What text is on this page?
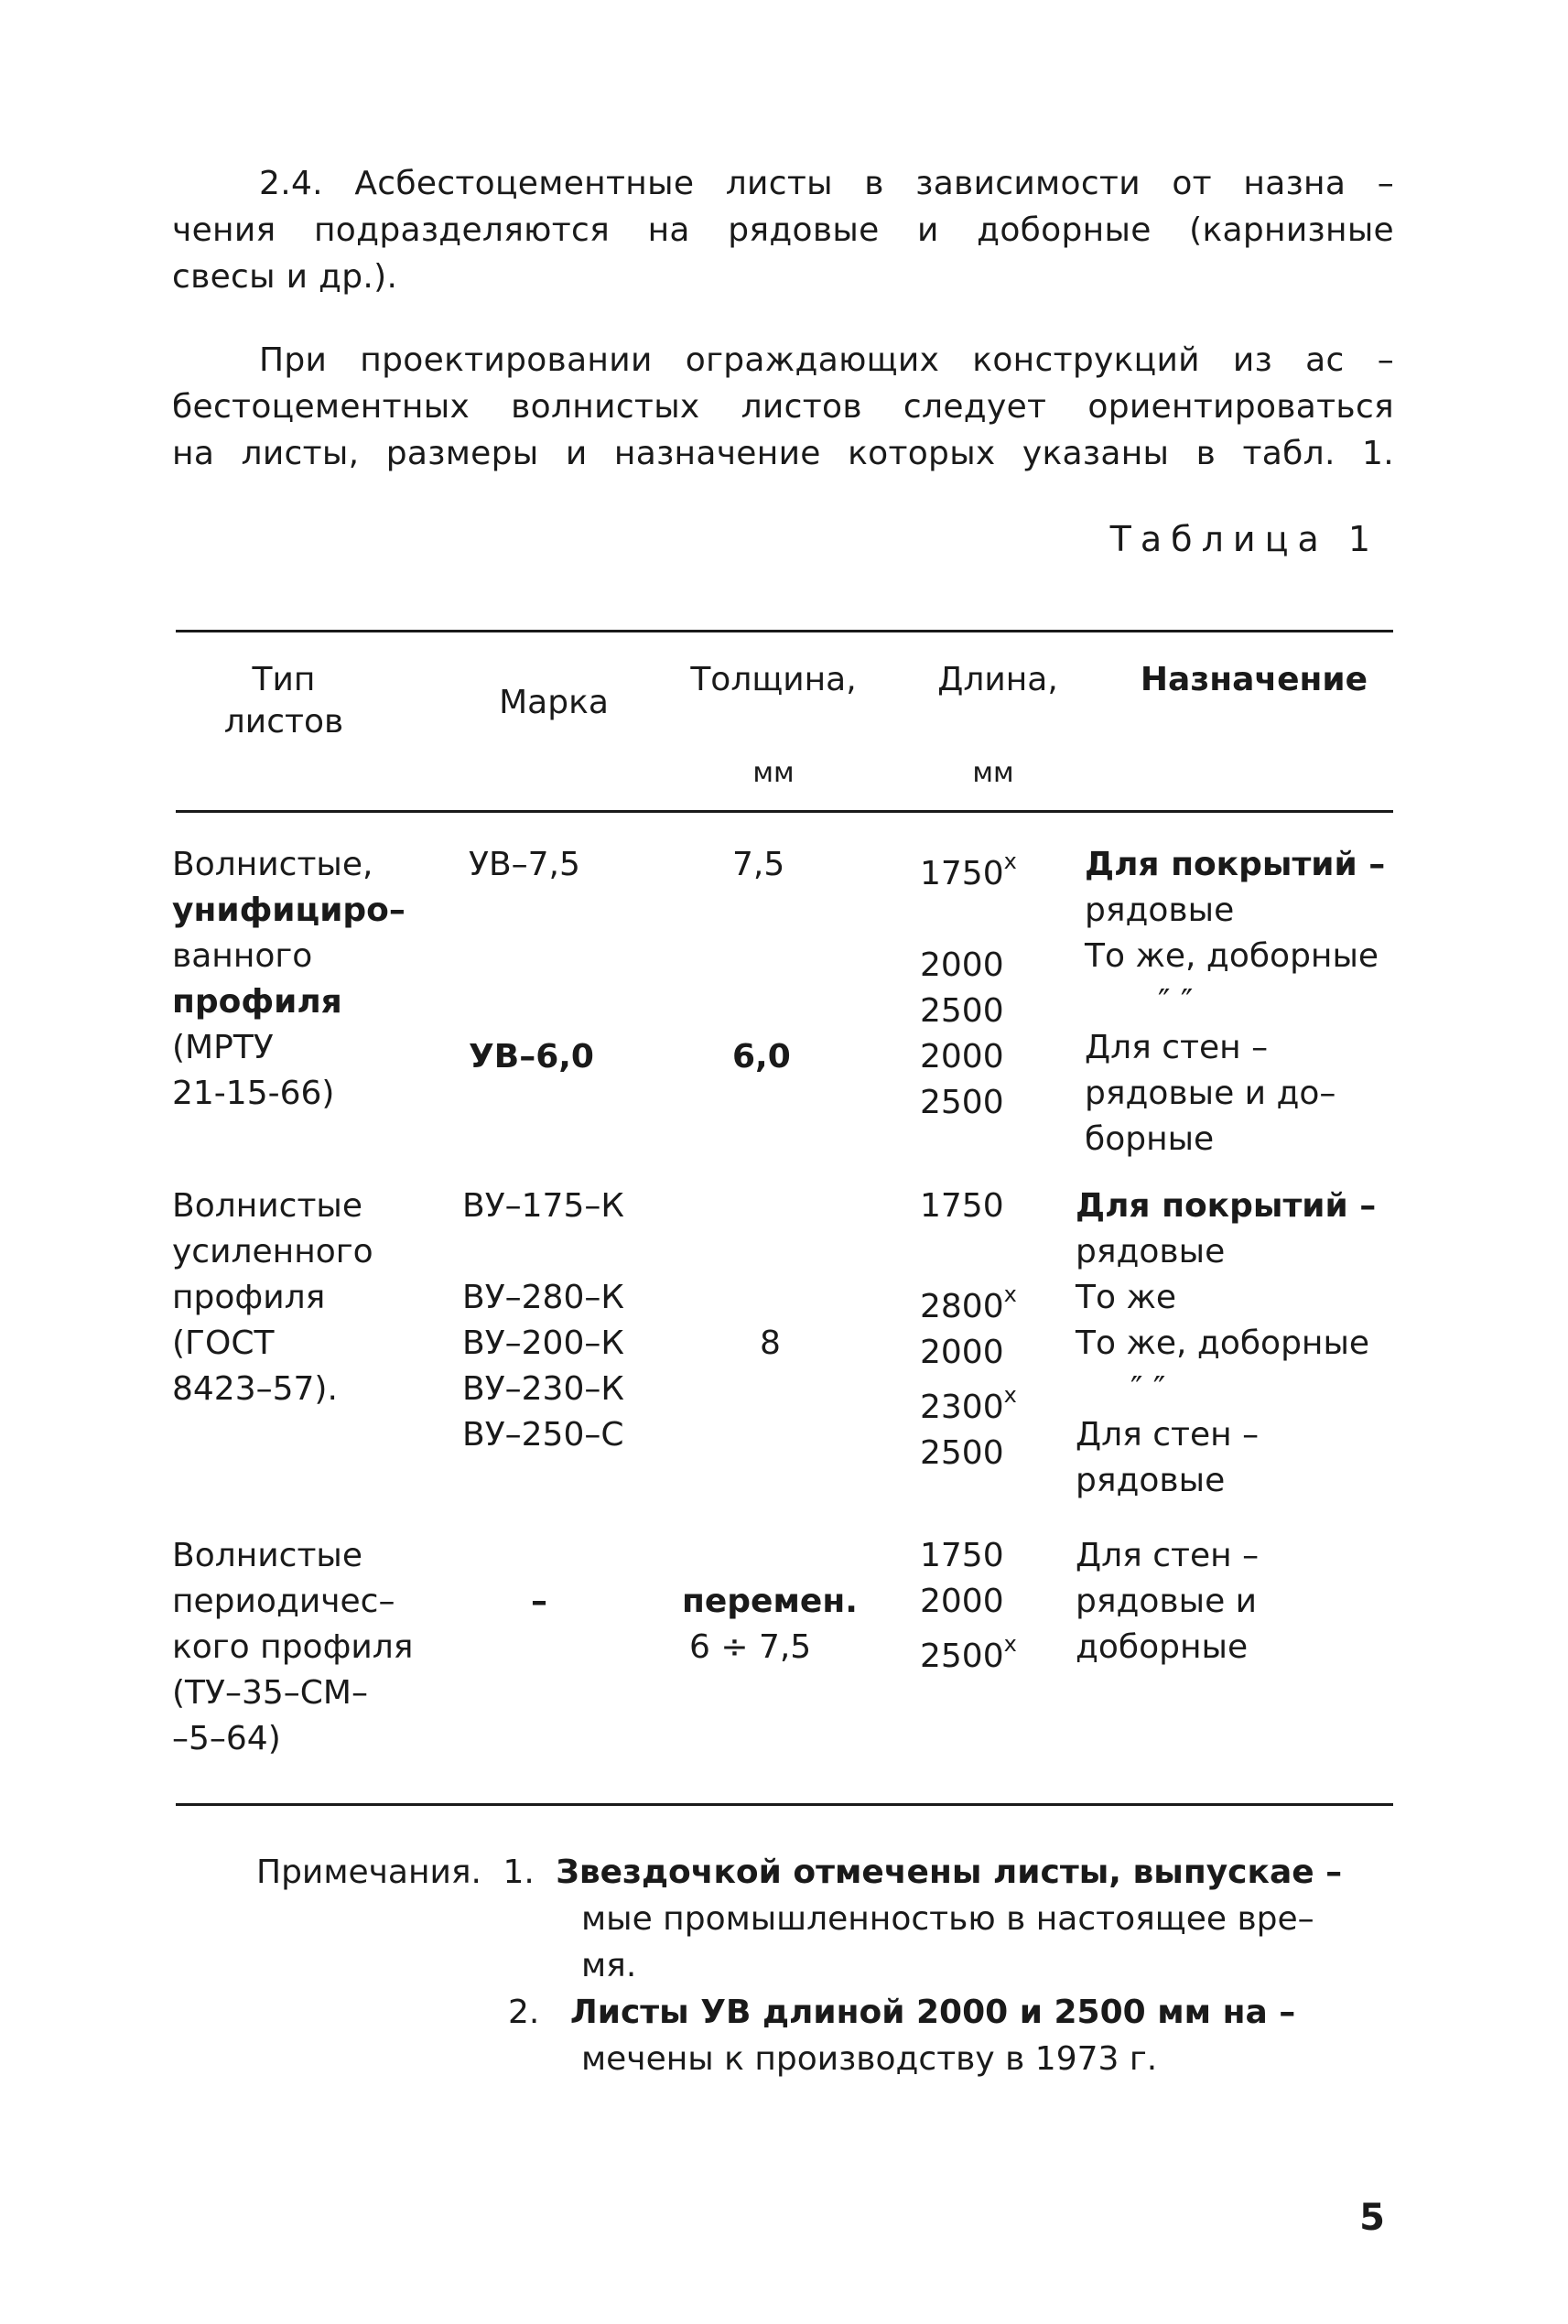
2.4. Асбестоцементные листы в зависимости от назна –
чения подразделяются на рядовые и доборные (карнизные
свесы и др.).
При проектировании ограждающих конструкций из ас –
бестоцементных волнистых листов следует ориентироваться
на листы, размеры и назначение которых указаны в табл. 1.
Таблица 1
Тип
листов
Марка
Толщина,
мм
Длина,
мм
Назначение
Волнистые,
унифициро–
ванного
профиля
(МРТУ
21-15-66)
УВ–7,5
УВ–6,0
7,5
6,0
1750$^x$
2000
2500
2000
2500
Для покрытий –
рядовые
То же, доборные
″ ″
Для стен –
рядовые и до–
борные
Волнистые
усиленного
профиля
(ГОСТ
8423–57).
ВУ–175–К
ВУ–280–К
ВУ–200–К
ВУ–230–К
ВУ–250–С
8
1750
2800$^x$
2000
2300$^x$
2500
Для покрытий –
рядовые
То же
То же, доборные
″ ″
Для стен –
рядовые
Волнистые
периодичес–
кого профиля
(ТУ–35–СМ–
–5–64)
–	перемен.
6 ÷ 7,5
1750
2000
2500$^x$
Для стен –
рядовые и
доборные
Примечания. 1. Звездочкой отмечены листы, выпускае –
мые промышленностью в настоящее вре–
мя.
2. Листы УВ длиной 2000 и 2500 мм на –
мечены к производству в 1973 г.
5
